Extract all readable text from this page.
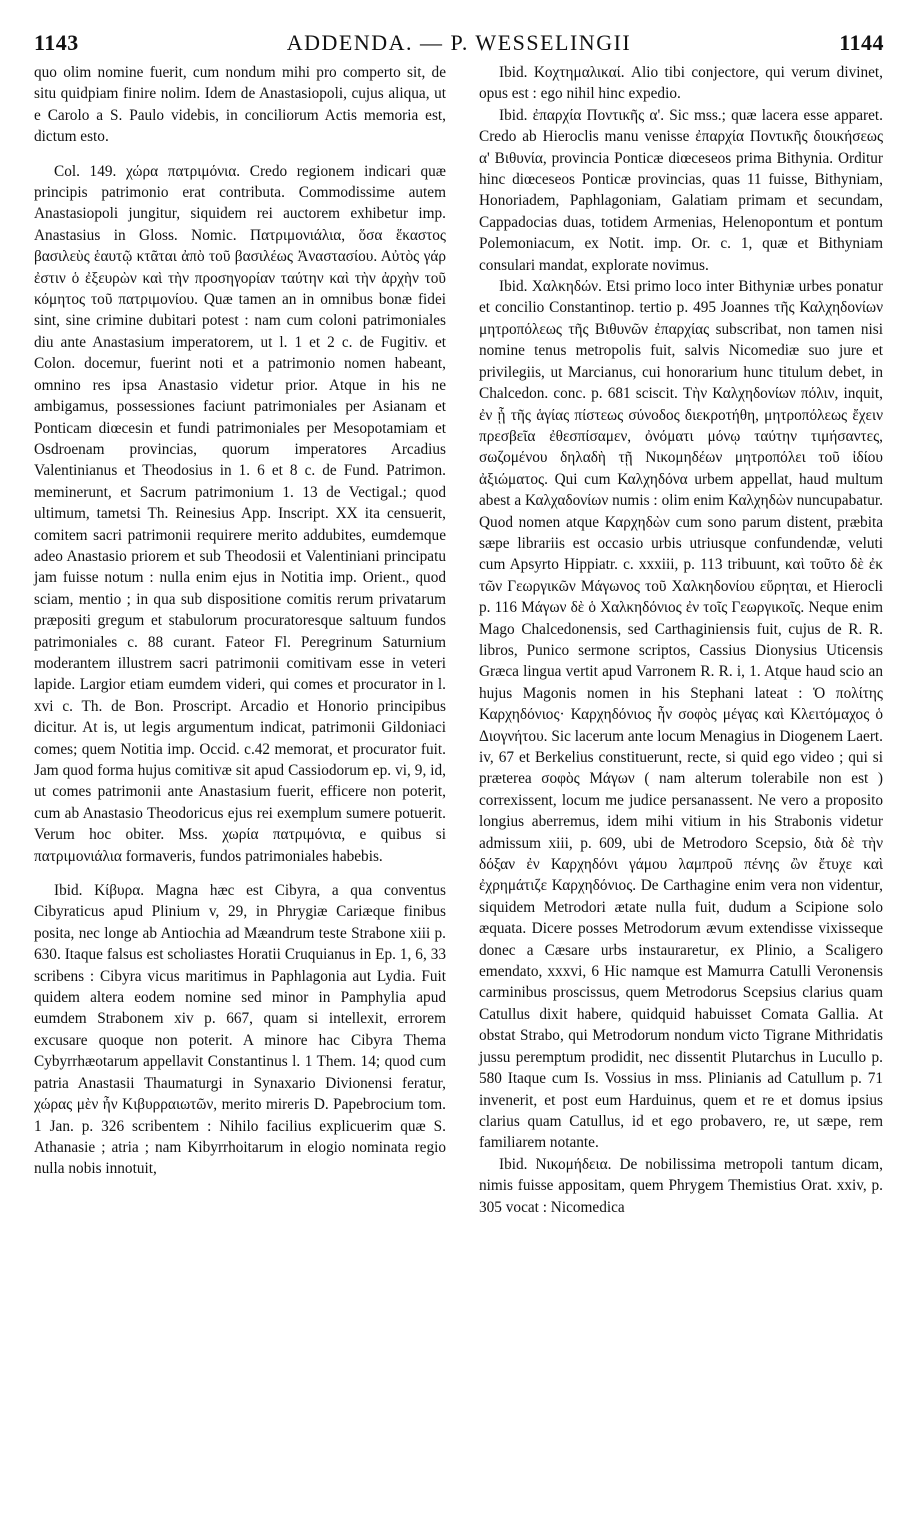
1143	ADDENDA. — P. WESSELINGII	1144

quo olim nomine fuerit, cum nondum mihi pro comperto sit, de situ quidpiam finire nolim. Idem de Anastasiopoli, cujus aliqua, ut e Carolo a S. Paulo videbis, in conciliorum Actis memoria est, dictum esto.

Col. 149. χώρα πατριμόνια. Credo regionem indicari quæ principis patrimonio erat contributa. Commodissime autem Anastasiopoli jungitur, siquidem rei auctorem exhibetur imp. Anastasius in Gloss. Nomic. Πατριμονιάλια, ὅσα ἕκαστος βασιλεὺς ἑαυτῷ κτᾶται ἀπὸ τοῦ βασιλέως Ἀναστασίου. Αὐτὸς γάρ ἐστιν ὁ ἐξευρὼν καὶ τὴν προσηγορίαν ταύτην καὶ τὴν ἀρχὴν τοῦ κόμητος τοῦ πατριμονίου. Quæ tamen an in omnibus bonæ fidei sint, sine crimine dubitari potest : nam cum coloni patrimoniales diu ante Anastasium imperatorem, ut l. 1 et 2 c. de Fugitiv. et Colon. docemur, fuerint noti et a patrimonio nomen habeant, omnino res ipsa Anastasio videtur prior. Atque in his ne ambigamus, possessiones faciunt patrimoniales per Asianam et Ponticam diœcesin et fundi patrimoniales per Mesopotamiam et Osdroenam provincias, quorum imperatores Arcadius Valentinianus et Theodosius in 1. 6 et 8 c. de Fund. Patrimon. meminerunt, et Sacrum patrimonium 1. 13 de Vectigal.; quod ultimum, tametsi Th. Reinesius App. Inscript. XX ita censuerit, comitem sacri patrimonii requirere merito addubites, eumdemque adeo Anastasio priorem et sub Theodosii et Valentiniani principatu jam fuisse notum : nulla enim ejus in Notitia imp. Orient., quod sciam, mentio ; in qua sub dispositione comitis rerum privatarum præpositi gregum et stabulorum procuratoresque saltuum fundos patrimoniales c. 88 curant. Fateor Fl. Peregrinum Saturnium moderantem illustrem sacri patrimonii comitivam esse in veteri lapide. Largior etiam eumdem videri, qui comes et procurator in l. xvi c. Th. de Bon. Proscript. Arcadio et Honorio principibus dicitur. At is, ut legis argumentum indicat, patrimonii Gildoniaci comes; quem Notitia imp. Occid. c.42 memorat, et procurator fuit. Jam quod forma hujus comitivæ sit apud Cassiodorum ep. vi, 9, id, ut comes patrimonii ante Anastasium fuerit, efficere non poterit, cum ab Anastasio Theodoricus ejus rei exemplum sumere potuerit. Verum hoc obiter. Mss. χωρία πατριμόνια, e quibus si πατριμονιάλια formaveris, fundos patrimoniales habebis.

Ibid. Κίβυρα. Magna hæc est Cibyra, a qua conventus Cibyraticus apud Plinium v, 29, in Phrygiæ Cariæque finibus posita, nec longe ab Antiochia ad Mæandrum teste Strabone xiii p. 630. Itaque falsus est scholiastes Horatii Cruquianus in Ep. 1, 6, 33 scribens : Cibyra vicus maritimus in Paphlagonia aut Lydia. Fuit quidem altera eodem nomine sed minor in Pamphylia apud eumdem Strabonem xiv p. 667, quam si intellexit, errorem excusare quoque non poterit. A minore hac Cibyra Thema Cybyrrhæotarum appellavit Constantinus l. 1 Them. 14; quod cum patria Anastasii Thaumaturgi in Synaxario Divionensi feratur, χώρας μὲν ἦν Κιβυρραιωτῶν, merito mireris D. Papebrocium tom. 1 Jan. p. 326 scribentem : Nihilo facilius explicuerim quæ S. Athanasie ; atria ; nam Kibyrrhoitarum in elogio nominata regio nulla nobis innotuit,

Ibid. Κοχτημαλικαί. Alio tibi conjectore, qui verum divinet, opus est : ego nihil hinc expedio.

Ibid. ἐπαρχία Ποντικῆς α'. Sic mss.; quæ lacera esse apparet. Credo ab Hieroclis manu venisse ἐπαρχία Ποντικῆς διοικήσεως α' Βιθυνία, provincia Ponticæ diœceseos prima Bithynia. Orditur hinc diœceseos Ponticæ provincias, quas 11 fuisse, Bithyniam, Honoriadem, Paphlagoniam, Galatiam primam et secundam, Cappadocias duas, totidem Armenias, Helenopontum et pontum Polemoniacum, ex Notit. imp. Or. c. 1, quæ et Bithyniam consulari mandat, explorate novimus.

Ibid. Χαλκηδών. Etsi primo loco inter Bithyniæ urbes ponatur et concilio Constantinop. tertio p. 495 Joannes τῆς Καλχηδονίων μητροπόλεως τῆς Βιθυνῶν ἐπαρχίας subscribat, non tamen nisi nomine tenus metropolis fuit, salvis Nicomediæ suo jure et privilegiis, ut Marcianus, cui honorarium hunc titulum debet, in Chalcedon. conc. p. 681 sciscit. Τὴν Καλχηδονίων πόλιν, inquit, ἐν ᾗ τῆς ἁγίας πίστεως σύνοδος διεκροτήθη, μητροπόλεως ἔχειν πρεσβεῖα ἐθεσπίσαμεν, ὀνόματι μόνῳ ταύτην τιμήσαντες, σωζομένου δηλαδὴ τῇ Νικομηδέων μητροπόλει τοῦ ἰδίου ἀξιώματος. Qui cum Καλχηδόνα urbem appellat, haud multum abest a Καλχαδονίων numis : olim enim Καλχηδὼν nuncupabatur. Quod nomen atque Καρχηδὼν cum sono parum distent, præbita sæpe librariis est occasio urbis utriusque confundendæ, veluti cum Apsyrto Hippiatr. c. xxxiii, p. 113 tribuunt, καὶ τοῦτο δὲ ἐκ τῶν Γεωργικῶν Μάγωνος τοῦ Χαλκηδονίου εὕρηται, et Hierocli p. 116 Μάγων δὲ ὁ Χαλκηδόνιος ἐν τοῖς Γεωργικοῖς. Neque enim Mago Chalcedonensis, sed Carthaginiensis fuit, cujus de R. R. libros, Punico sermone scriptos, Cassius Dionysius Uticensis Græca lingua vertit apud Varronem R. R. i, 1. Atque haud scio an hujus Magonis nomen in his Stephani lateat : Ὁ πολίτης Καρχηδόνιος· Καρχηδόνιος ἦν σοφὸς μέγας καὶ Κλειτόμαχος ὁ Διογνήτου. Sic lacerum ante locum Menagius in Diogenem Laert. iv, 67 et Berkelius constituerunt, recte, si quid ego video ; qui si præterea σοφὸς Μάγων ( nam alterum tolerabile non est ) correxissent, locum me judice persanassent. Ne vero a proposito longius aberremus, idem mihi vitium in his Strabonis videtur admissum xiii, p. 609, ubi de Metrodoro Scepsio, διὰ δὲ τὴν δόξαν ἐν Καρχηδόνι γάμου λαμπροῦ πένης ὢν ἔτυχε καὶ ἐχρημάτιζε Καρχηδόνιος. De Carthagine enim vera non videntur, siquidem Metrodori ætate nulla fuit, dudum a Scipione solo æquata. Dicere posses Metrodorum ævum extendisse vixisseque donec a Cæsare urbs instauraretur, ex Plinio, a Scaligero emendato, xxxvi, 6 Hic namque est Mamurra Catulli Veronensis carminibus proscissus, quem Metrodorus Scepsius clarius quam Catullus dixit habere, quidquid habuisset Comata Gallia. At obstat Strabo, qui Metrodorum nondum victo Tigrane Mithridatis jussu peremptum prodidit, nec dissentit Plutarchus in Lucullo p. 580 Itaque cum Is. Vossius in mss. Plinianis ad Catullum p. 71 invenerit, et post eum Harduinus, quem et re et domus ipsius clarius quam Catullus, id et ego probavero, re, ut sæpe, rem familiarem notante.

Ibid. Νικομήδεια. De nobilissima metropoli tantum dicam, nimis fuisse appositam, quem Phrygem Themistius Orat. xxiv, p. 305 vocat : Nicomedica
